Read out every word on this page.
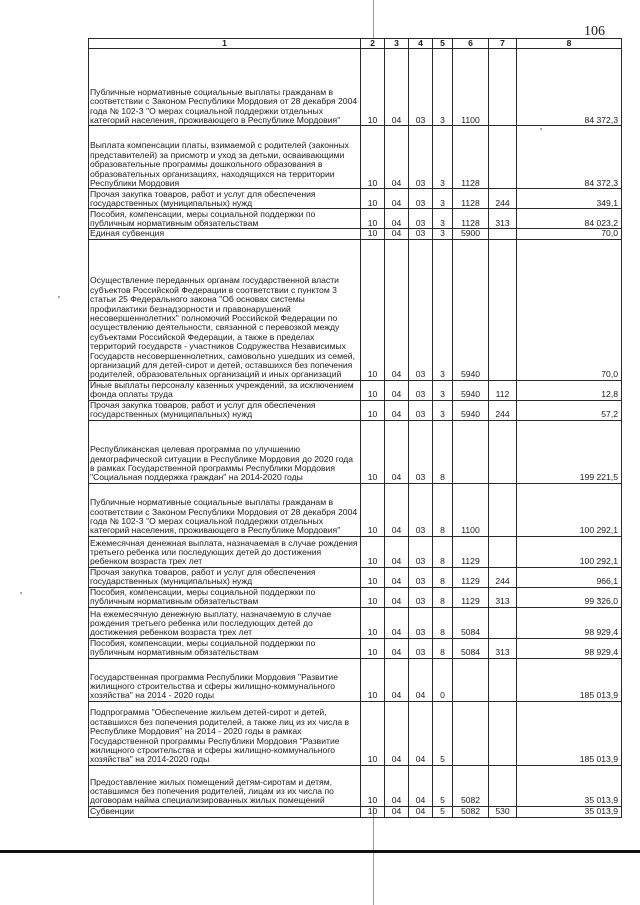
106
1	2	3	4	5	6	7	8
Публичные нормативные социальные выплаты гражданам в соответствии с Законом Республики Мордовия от 28 декабря 2004 года № 102-З "О мерах социальной поддержки отдельных категорий населения, проживающего в Республике Мордовия"	10	04	03	3	1100		84 372,3
Выплата компенсации платы, взимаемой с родителей (законных представителей) за присмотр и уход за детьми, осваивающими образовательные программы дошкольного образования в образовательных организациях, находящихся на территории Республики Мордовия	10	04	03	3	1128		84 372,3
Прочая закупка товаров, работ и услуг для обеспечения государственных (муниципальных) нужд	10	04	03	3	1128	244	349,1
Пособия, компенсации, меры социальной поддержки по публичным нормативным обязательствам	10	04	03	3	1128	313	84 023,2
Единая субвенция	10	04	03	3	5900		70,0
Осуществление переданных органам государственной власти субъектов Российской Федерации в соответствии с пунктом 3 статьи 25 Федерального закона "Об основах системы профилактики безнадзорности и правонарушений несовершеннолетних" полномочий Российской Федерации по осуществлению деятельности, связанной с перевозкой между субъектами Российской Федерации, а также в пределах территорий государств - участников Содружества Независимых Государств несовершеннолетних, самовольно ушедших из семей, организаций для детей-сирот и детей, оставшихся без попечения родителей, образовательных организаций и иных организаций	10	04	03	3	5940		70,0
Иные выплаты персоналу казенных учреждений, за исключением фонда оплаты труда	10	04	03	3	5940	112	12,8
Прочая закупка товаров, работ и услуг для обеспечения государственных (муниципальных) нужд	10	04	03	3	5940	244	57,2
Республиканская целевая программа по улучшению демографической ситуации в Республике Мордовия до 2020 года в рамках Государственной программы Республики Мордовия "Социальная поддержка граждан" на 2014-2020 годы	10	04	03	8			199 221,5
Публичные нормативные социальные выплаты гражданам в соответствии с Законом Республики Мордовия от 28 декабря 2004 года № 102-З "О мерах социальной поддержки отдельных категорий населения, проживающего в Республике Мордовия"	10	04	03	8	1100		100 292,1
Ежемесячная денежная выплата, назначаемая в случае рождения третьего ребенка или последующих детей до достижения ребенком возраста трех лет	10	04	03	8	1129		100 292,1
Прочая закупка товаров, работ и услуг для обеспечения государственных (муниципальных) нужд	10	04	03	8	1129	244	966,1
Пособия, компенсации, меры социальной поддержки по публичным нормативным обязательствам	10	04	03	8	1129	313	99 326,0
На ежемесячную денежную выплату, назначаемую в случае рождения третьего ребенка или последующих детей до достижения ребенком возраста трех лет	10	04	03	8	5084		98 929,4
Пособия, компенсации, меры социальной поддержки по публичным нормативным обязательствам	10	04	03	8	5084	313	98 929,4
Государственная программа Республики Мордовия "Развитие жилищного строительства и сферы жилищно-коммунального хозяйства" на 2014 - 2020 годы	10	04	04	0			185 013,9
Подпрограмма "Обеспечение жильем детей-сирот и детей, оставшихся без попечения родителей, а также лиц из их числа в Республике Мордовия" на 2014 - 2020 годы в рамках Государственной программы Республики Мордовия "Развитие жилищного строительства и сферы жилищно-коммунального хозяйства" на 2014-2020 годы	10	04	04	5			185 013,9
Предоставление жилых помещений детям-сиротам и детям, оставшимся без попечения родителей, лицам из их числа по договорам найма специализированных жилых помещений	10	04	04	5	5082		35 013,9
Субвенции	10	04	04	5	5082	530	35 013,9
